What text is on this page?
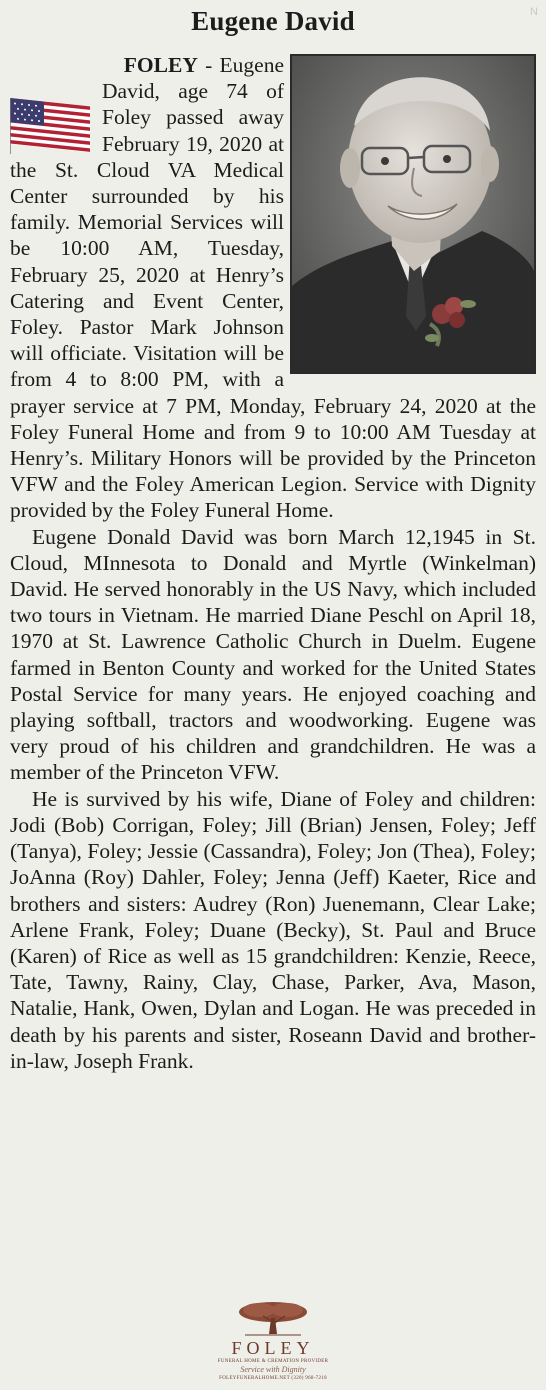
Eugene David	N

FOLEY - Eugene David, age 74 of Foley passed away February 19, 2020 at the St. Cloud VA Medical Center surrounded by his family. Memorial Services will be 10:00 AM, Tuesday, February 25, 2020 at Henry’s Catering and Event Center, Foley. Pastor Mark Johnson will officiate. Visitation will be from 4 to 8:00 PM, with a prayer service at 7 PM, Monday, February 24, 2020 at the Foley Funeral Home and from 9 to 10:00 AM Tuesday at Henry’s. Military Honors will be provided by the Princeton VFW and the Foley American Legion. Service with Dignity provided by the Foley Funeral Home.

Eugene Donald David was born March 12,1945 in St. Cloud, MInnesota to Donald and Myrtle (Winkelman) David. He served honorably in the US Navy, which included two tours in Vietnam. He married Diane Peschl on April 18, 1970 at St. Lawrence Catholic Church in Duelm. Eugene farmed in Benton County and worked for the United States Postal Service for many years. He enjoyed coaching and playing softball, tractors and woodworking. Eugene was very proud of his children and grandchildren. He was a member of the Princeton VFW.

He is survived by his wife, Diane of Foley and children: Jodi (Bob) Corrigan, Foley; Jill (Brian) Jensen, Foley; Jeff (Tanya), Foley; Jessie (Cassandra), Foley; Jon (Thea), Foley; JoAnna (Roy) Dahler, Foley; Jenna (Jeff) Kaeter, Rice and brothers and sisters: Audrey (Ron) Juenemann, Clear Lake; Arlene Frank, Foley; Duane (Becky), St. Paul and Bruce (Karen) of Rice as well as 15 grandchildren: Kenzie, Reece, Tate, Tawny, Rainy, Clay, Chase, Parker, Ava, Mason, Natalie, Hank, Owen, Dylan and Logan. He was preceded in death by his parents and sister, Roseann David and brother-in-law, Joseph Frank.

FOLEY
FUNERAL HOME & CREMATION PROVIDER
Service with Dignity
FOLEYFUNERALHOME.NET (320) 968-7218
